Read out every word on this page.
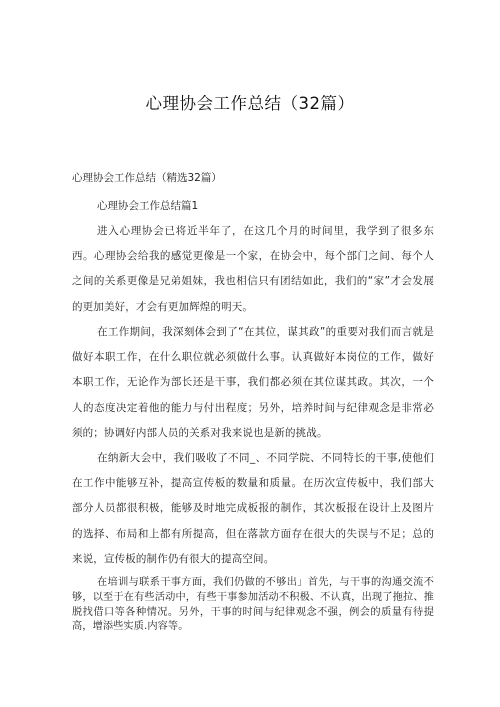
心理协会工作总结（32篇）

心理协会工作总结（精选32篇）

心理协会工作总结篇1

进入心理协会已将近半年了，在这几个月的时间里，我学到了很多东西。心理协会给我的感觉更像是一个家，在协会中，每个部门之间、每个人之间的关系更像是兄弟姐妹，我也相信只有团结如此，我们的“家”才会发展的更加美好，才会有更加辉煌的明天。

在工作期间，我深刻体会到了“在其位，谋其政”的重要对我们而言就是做好本职工作，在什么职位就必须做什么事。认真做好本岗位的工作，做好本职工作，无论作为部长还是干事，我们都必须在其位谋其政。其次，一个人的态度决定着他的能力与付出程度；另外，培养时间与纪律观念是非常必须的；协调好内部人员的关系对我来说也是新的挑战。

在纳新大会中，我们吸收了不同_、不同学院、不同特长的干事,使他们在工作中能够互补，提高宣传板的数量和质量。在历次宣传板中，我们部大部分人员都很积极，能够及时地完成板报的制作，其次板报在设计上及图片的选择、布局和上都有所提高，但在落款方面存在很大的失误与不足；总的来说，宣传板的制作仍有很大的提高空间。

在培训与联系干事方面，我们仍做的不够出」首先，与干事的沟通交流不够，以至于在有些活动中，有些干事参加活动不积极、不认真，出现了拖拉、推脱找借口等各种情况。另外，干事的时间与纪律观念不强，例会的质量有待提高，增添些实质.内容等。
